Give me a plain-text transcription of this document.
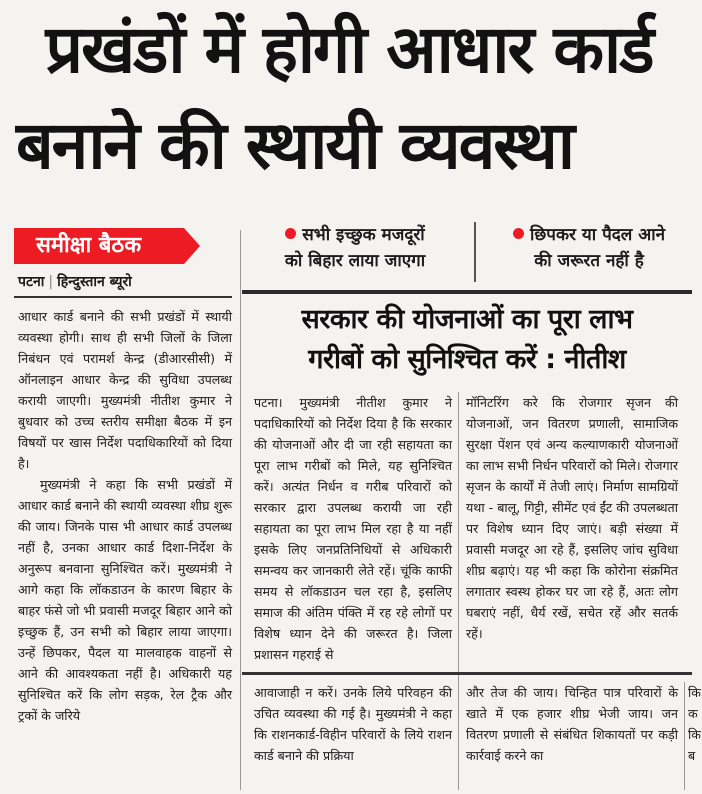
प्रखंडों में होगी आधार कार्ड
बनाने की स्थायी व्यवस्था
समीक्षा बैठक
पटना | हिन्दुस्तान ब्यूरो
सभी इच्छुक मजदूरों
को बिहार लाया जाएगा
छिपकर या पैदल आने
की जरूरत नहीं है
सरकार की योजनाओं का पूरा लाभ
गरीबों को सुनिश्चित करें : नीतीश

आधार कार्ड बनाने की सभी प्रखंडों में स्थायी व्यवस्था होगी। साथ ही सभी जिलों के जिला निबंधन एवं परामर्श केन्द्र (डीआरसीसी) में ऑनलाइन आधार केन्द्र की सुविधा उपलब्ध करायी जाएगी। मुख्यमंत्री नीतीश कुमार ने बुधवार को उच्च स्तरीय समीक्षा बैठक में इन विषयों पर खास निर्देश पदाधिकारियों को दिया है।

मुख्यमंत्री ने कहा कि सभी प्रखंडों में आधार कार्ड बनाने की स्थायी व्यवस्था शीघ्र शुरू की जाय। जिनके पास भी आधार कार्ड उपलब्ध नहीं है, उनका आधार कार्ड दिशा-निर्देश के अनुरूप बनवाना सुनिश्चित करें। मुख्यमंत्री ने आगे कहा कि लॉकडाउन के कारण बिहार के बाहर फंसे जो भी प्रवासी मजदूर बिहार आने को इच्छुक हैं, उन सभी को बिहार लाया जाएगा। उन्हें छिपकर, पैदल या मालवाहक वाहनों से आने की आवश्यकता नहीं है। अधिकारी यह सुनिश्चित करें कि लोग सड़क, रेल ट्रैक और ट्रकों के जरिये

पटना। मुख्यमंत्री नीतीश कुमार ने पदाधिकारियों को निर्देश दिया है कि सरकार की योजनाओं और दी जा रही सहायता का पूरा लाभ गरीबों को मिले, यह सुनिश्चित करें। अत्यंत निर्धन व गरीब परिवारों को सरकार द्वारा उपलब्ध करायी जा रही सहायता का पूरा लाभ मिल रहा है या नहीं इसके लिए जनप्रतिनिधियों से अधिकारी समन्वय कर जानकारी लेते रहें। चूंकि काफी समय से लॉकडाउन चल रहा है, इसलिए समाज की अंतिम पंक्ति में रह रहे लोगों पर विशेष ध्यान देने की जरूरत है। जिला प्रशासन गहराई से

मॉनिटरिंग करे कि रोजगार सृजन की योजनाओं, जन वितरण प्रणाली, सामाजिक सुरक्षा पेंशन एवं अन्य कल्याणकारी योजनाओं का लाभ सभी निर्धन परिवारों को मिले। रोजगार सृजन के कार्यों में तेजी लाएं। निर्माण सामग्रियों यथा - बालू, गिट्टी, सीमेंट एवं ईंट की उपलब्धता पर विशेष ध्यान दिए जाएं। बड़ी संख्या में प्रवासी मजदूर आ रहे हैं, इसलिए जांच सुविधा शीघ्र बढ़ाएं। यह भी कहा कि कोरोना संक्रमित लगातार स्वस्थ होकर घर जा रहे हैं, अतः लोग घबराएं नहीं, धैर्य रखें, सचेत रहें और सतर्क रहें।

आवाजाही न करें। उनके लिये परिवहन की उचित व्यवस्था की गई है। मुख्यमंत्री ने कहा कि राशनकार्ड-विहीन परिवारों के लिये राशन कार्ड बनाने की प्रक्रिया

और तेज की जाय। चिन्हित पात्र परिवारों के खाते में एक हजार शीघ्र भेजी जाय। जन वितरण प्रणाली से संबंधित शिकायतों पर कड़ी कार्रवाई करने का

कि क कि ब
